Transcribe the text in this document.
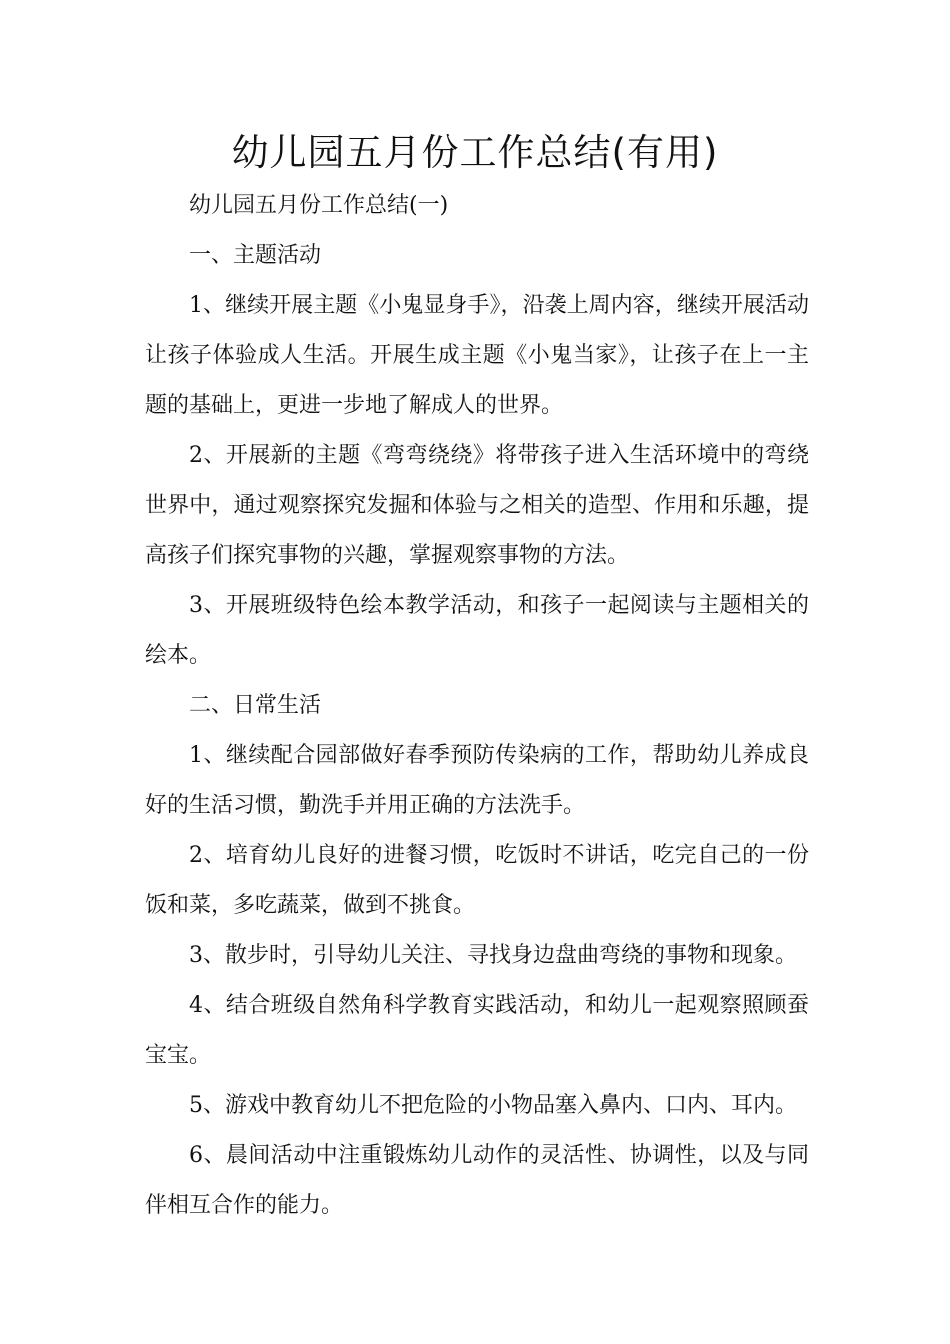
幼儿园五月份工作总结(有用)

幼儿园五月份工作总结(一)

一、主题活动

1、继续开展主题《小鬼显身手》，沿袭上周内容，继续开展活动让孩子体验成人生活。开展生成主题《小鬼当家》，让孩子在上一主题的基础上，更进一步地了解成人的世界。

2、开展新的主题《弯弯绕绕》将带孩子进入生活环境中的弯绕世界中，通过观察探究发掘和体验与之相关的造型、作用和乐趣，提高孩子们探究事物的兴趣，掌握观察事物的方法。

3、开展班级特色绘本教学活动，和孩子一起阅读与主题相关的绘本。

二、日常生活

1、继续配合园部做好春季预防传染病的工作，帮助幼儿养成良好的生活习惯，勤洗手并用正确的方法洗手。

2、培育幼儿良好的进餐习惯，吃饭时不讲话，吃完自己的一份饭和菜，多吃蔬菜，做到不挑食。

3、散步时，引导幼儿关注、寻找身边盘曲弯绕的事物和现象。

4、结合班级自然角科学教育实践活动，和幼儿一起观察照顾蚕宝宝。

5、游戏中教育幼儿不把危险的小物品塞入鼻内、口内、耳内。

6、晨间活动中注重锻炼幼儿动作的灵活性、协调性，以及与同伴相互合作的能力。
